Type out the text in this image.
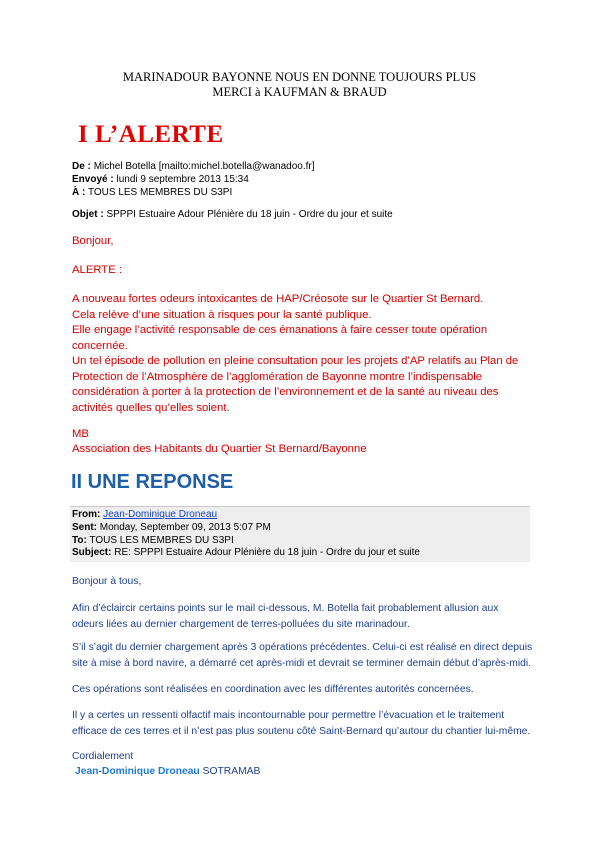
MARINADOUR BAYONNE NOUS EN DONNE TOUJOURS PLUS
MERCI à KAUFMAN & BRAUD
I L’ALERTE
De : Michel Botella [mailto:michel.botella@wanadoo.fr]
Envoyé : lundi 9 septembre 2013 15:34
À : TOUS LES MEMBRES DU S3PI
Objet : SPPPI Estuaire Adour Plénière du 18 juin - Ordre du jour et suite
Bonjour,
ALERTE :
A nouveau fortes odeurs intoxicantes de HAP/Créosote sur le Quartier St Bernard.
Cela relève d’une situation à risques pour la santé publique.
Elle engage l’activité responsable de ces émanations à faire cesser toute opération
concernée.
Un tel épisode de pollution en pleine consultation pour les projets d’AP relatifs au Plan de
Protection de l’Atmosphère de l’agglomération de Bayonne montre l’indispensable
considération à porter à la protection de l’environnement et de la santé au niveau des
activités quelles qu’elles soient.
MB
Association des Habitants du Quartier St Bernard/Bayonne
II UNE REPONSE
From: Jean-Dominique Droneau
Sent: Monday, September 09, 2013 5:07 PM
To: TOUS LES MEMBRES DU S3PI
Subject: RE: SPPPI Estuaire Adour Plénière du 18 juin - Ordre du jour et suite
Bonjour à tous,
Afin d’éclaircir certains points sur le mail ci-dessous, M. Botella fait probablement allusion aux
odeurs liées au dernier chargement de terres-polluées du site marinadour.
S’il s’agit du dernier chargement après 3 opérations précédentes. Celui-ci est réalisé en direct depuis
site à mise à bord navire, a démarré cet après-midi et devrait se terminer demain début d’après-midi.
Ces opérations sont réalisées en coordination avec les différentes autorités concernées.
Il y a certes un ressenti olfactif mais incontournable pour permettre l’évacuation et le traitement
efficace de ces terres et il n’est pas plus soutenu côté Saint-Bernard qu’autour du chantier lui-même.
Cordialement
Jean-Dominique Droneau SOTRAMAB
